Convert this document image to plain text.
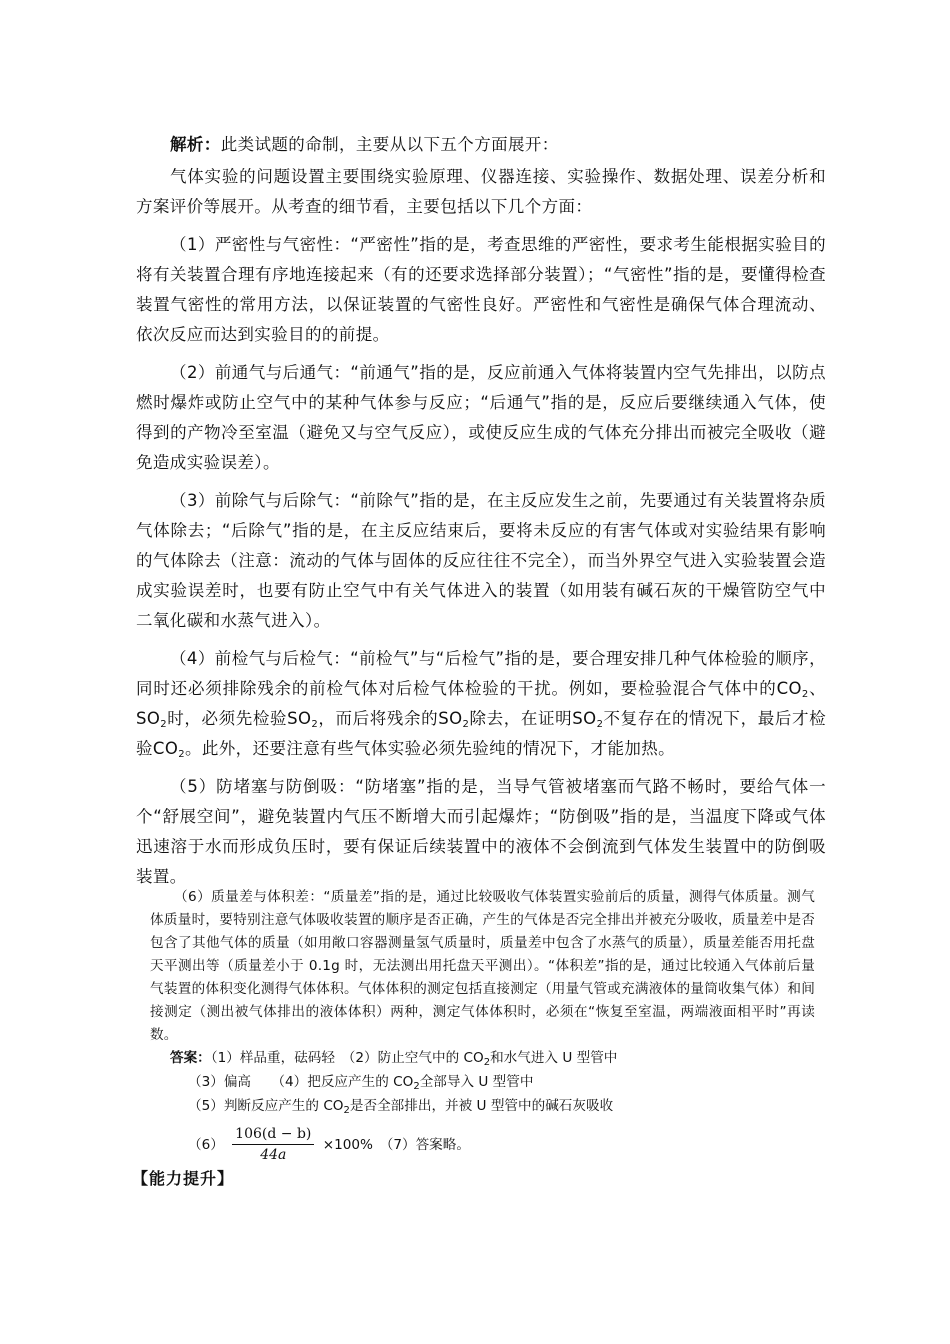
解析：此类试题的命制，主要从以下五个方面展开：

气体实验的问题设置主要围绕实验原理、仪器连接、实验操作、数据处理、误差分析和方案评价等展开。从考查的细节看，主要包括以下几个方面：

（1）严密性与气密性：“严密性”指的是，考查思维的严密性，要求考生能根据实验目的将有关装置合理有序地连接起来（有的还要求选择部分装置）；“气密性”指的是，要懂得检查装置气密性的常用方法，以保证装置的气密性良好。严密性和气密性是确保气体合理流动、依次反应而达到实验目的的前提。

（2）前通气与后通气：“前通气”指的是，反应前通入气体将装置内空气先排出，以防点燃时爆炸或防止空气中的某种气体参与反应；“后通气”指的是，反应后要继续通入气体，使得到的产物冷至室温（避免又与空气反应），或使反应生成的气体充分排出而被完全吸收（避免造成实验误差）。

（3）前除气与后除气：“前除气”指的是，在主反应发生之前，先要通过有关装置将杂质气体除去；“后除气”指的是，在主反应结束后，要将未反应的有害气体或对实验结果有影响的气体除去（注意：流动的气体与固体的反应往往不完全），而当外界空气进入实验装置会造成实验误差时，也要有防止空气中有关气体进入的装置（如用装有碱石灰的干燥管防空气中二氧化碳和水蒸气进入）。

（4）前检气与后检气：“前检气”与“后检气”指的是，要合理安排几种气体检验的顺序，同时还必须排除残余的前检气体对后检气体检验的干扰。例如，要检验混合气体中的$CO_2$、$SO_2$时，必须先检验$SO_2$，而后将残余的$SO_2$除去，在证明$SO_2$不复存在的情况下，最后才检验$CO_2$。此外，还要注意有些气体实验必须先验纯的情况下，才能加热。

（5）防堵塞与防倒吸：“防堵塞”指的是，当导气管被堵塞而气路不畅时，要给气体一个“舒展空间”，避免装置内气压不断增大而引起爆炸；“防倒吸”指的是，当温度下降或气体迅速溶于水而形成负压时，要有保证后续装置中的液体不会倒流到气体发生装置中的防倒吸装置。

（6）质量差与体积差：“质量差”指的是，通过比较吸收气体装置实验前后的质量，测得气体质量。测气体质量时，要特别注意气体吸收装置的顺序是否正确，产生的气体是否完全排出并被充分吸收，质量差中是否包含了其他气体的质量（如用敞口容器测量氢气质量时，质量差中包含了水蒸气的质量），质量差能否用托盘天平测出等（质量差小于 0.1g 时，无法测出用托盘天平测出）。“体积差”指的是，通过比较通入气体前后量气装置的体积变化测得气体体积。气体体积的测定包括直接测定（用量气管或充满液体的量筒收集气体）和间接测定（测出被气体排出的液体体积）两种，测定气体体积时，必须在“恢复至室温，两端液面相平时”再读数。

答案：（1）样品重，砝码轻　（2）防止空气中的 $CO_2$和水气进入 U 型管中
（3）偏高　　（4）把反应产生的 $CO_2$全部导入 U 型管中
（5）判断反应产生的 $CO_2$是否全部排出，并被 U 型管中的碱石灰吸收
$(6) \frac{106(d - b)}{44a} \times 100\%$　（7）答案略。
【能力提升】
